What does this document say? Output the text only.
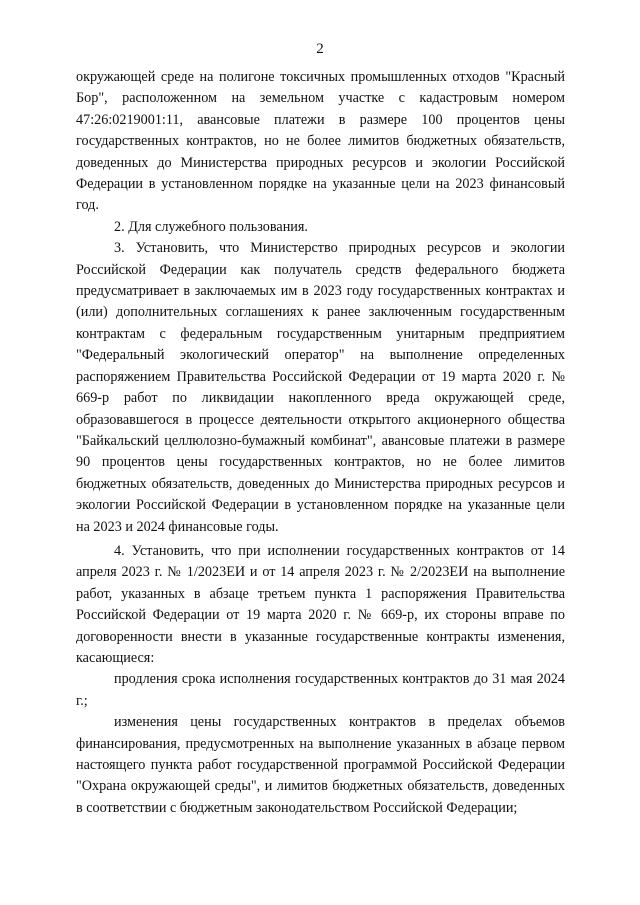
2

окружающей среде на полигоне токсичных промышленных отходов "Красный Бор", расположенном на земельном участке с кадастровым номером 47:26:0219001:11, авансовые платежи в размере 100 процентов цены государственных контрактов, но не более лимитов бюджетных обязательств, доведенных до Министерства природных ресурсов и экологии Российской Федерации в установленном порядке на указанные цели на 2023 финансовый год.

2. Для служебного пользования.

3. Установить, что Министерство природных ресурсов и экологии Российской Федерации как получатель средств федерального бюджета предусматривает в заключаемых им в 2023 году государственных контрактах и (или) дополнительных соглашениях к ранее заключенным государственным контрактам с федеральным государственным унитарным предприятием "Федеральный экологический оператор" на выполнение определенных распоряжением Правительства Российской Федерации от 19 марта 2020 г. № 669-р работ по ликвидации накопленного вреда окружающей среде, образовавшегося в процессе деятельности открытого акционерного общества "Байкальский целлюлозно-бумажный комбинат", авансовые платежи в размере 90 процентов цены государственных контрактов, но не более лимитов бюджетных обязательств, доведенных до Министерства природных ресурсов и экологии Российской Федерации в установленном порядке на указанные цели на 2023 и 2024 финансовые годы.

4. Установить, что при исполнении государственных контрактов от 14 апреля 2023 г. № 1/2023ЕИ и от 14 апреля 2023 г. № 2/2023ЕИ на выполнение работ, указанных в абзаце третьем пункта 1 распоряжения Правительства Российской Федерации от 19 марта 2020 г. № 669-р, их стороны вправе по договоренности внести в указанные государственные контракты изменения, касающиеся:

продления срока исполнения государственных контрактов до 31 мая 2024 г.;

изменения цены государственных контрактов в пределах объемов финансирования, предусмотренных на выполнение указанных в абзаце первом настоящего пункта работ государственной программой Российской Федерации "Охрана окружающей среды", и лимитов бюджетных обязательств, доведенных в соответствии с бюджетным законодательством Российской Федерации;
